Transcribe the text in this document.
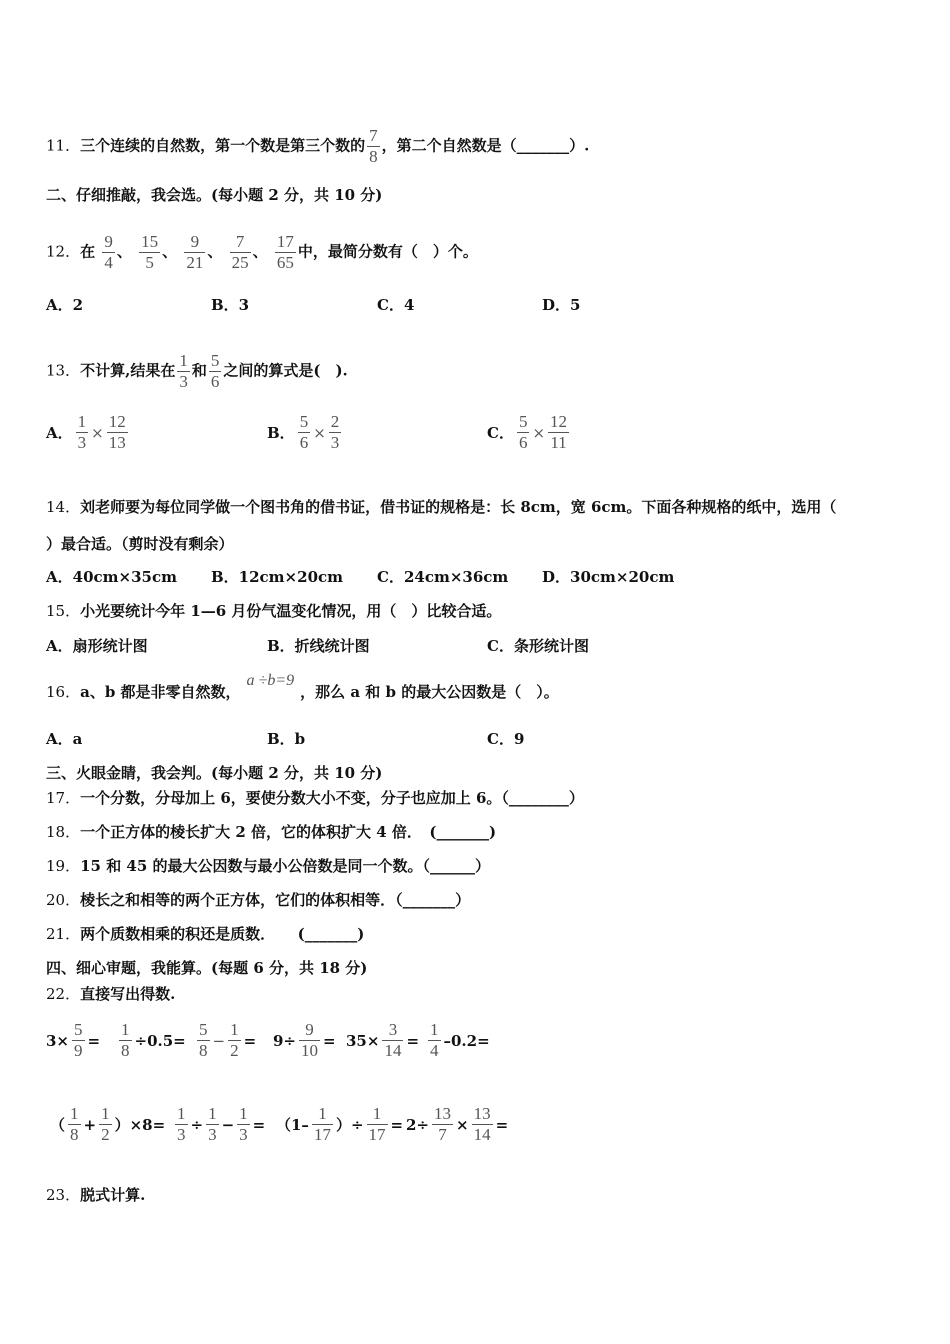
11．三个连续的自然数，第一个数是第三个数的 $\frac{7}{8}$ ，第二个自然数是（_______）.
二、仔细推敲，我会选。(每小题 2 分，共 10 分)
12．在 $\frac{9}{4}$ 、 $\frac{15}{5}$ 、 $\frac{9}{21}$ 、 $\frac{7}{25}$ 、 $\frac{17}{65}$ 中，最简分数有（　）个。
A．2	B．3	C．4	D．5
13．不计算,结果在 $\frac{1}{3}$ 和 $\frac{5}{6}$ 之间的算式是(　).
A． $\frac{1}{3} \times \frac{12}{13}$	B． $\frac{5}{6} \times \frac{2}{3}$	C． $\frac{5}{6} \times \frac{12}{11}$
14．刘老师要为每位同学做一个图书角的借书证，借书证的规格是：长 8cm，宽 6cm。下面各种规格的纸中，选用（
）最合适。（剪时没有剩余）
A．40cm×35cm B．12cm×20cm C．24cm×36cm D．30cm×20cm
15．小光要统计今年 1—6 月份气温变化情况，用（　）比较合适。
A．扇形统计图	B．折线统计图	C．条形统计图
16．a、b 都是非零自然数，a ÷b=9，那么 a 和 b 的最大公因数是（　）。
A．a	B．b	C．9
三、火眼金睛，我会判。(每小题 2 分，共 10 分)
17．一个分数，分母加上 6，要使分数大小不变，分子也应加上 6。（________）
18．一个正方体的棱长扩大 2 倍，它的体积扩大 4 倍．　(_______)
19．15 和 45 的最大公因数与最小公倍数是同一个数。（______）
20．棱长之和相等的两个正方体，它们的体积相等．（_______）
21．两个质数相乘的积还是质数．　　(_______)
四、细心审题，我能算。(每题 6 分，共 18 分)
22．直接写出得数.
$3\times \frac{5}{9} = \frac{1}{8} \div 0.5= \frac{5}{8} - \frac{1}{2} = 9\div \frac{9}{10} = 35\times \frac{3}{14} = \frac{1}{4} -0.2=$
（ $\frac{1}{8} + \frac{1}{2} )\times 8= \frac{1}{3} \div \frac{1}{3} - \frac{1}{3} = (1- \frac{1}{17}$ ）÷ $\frac{1}{17} = 2\div \frac{13}{7} \times \frac{13}{14}$ =
23．脱式计算.
